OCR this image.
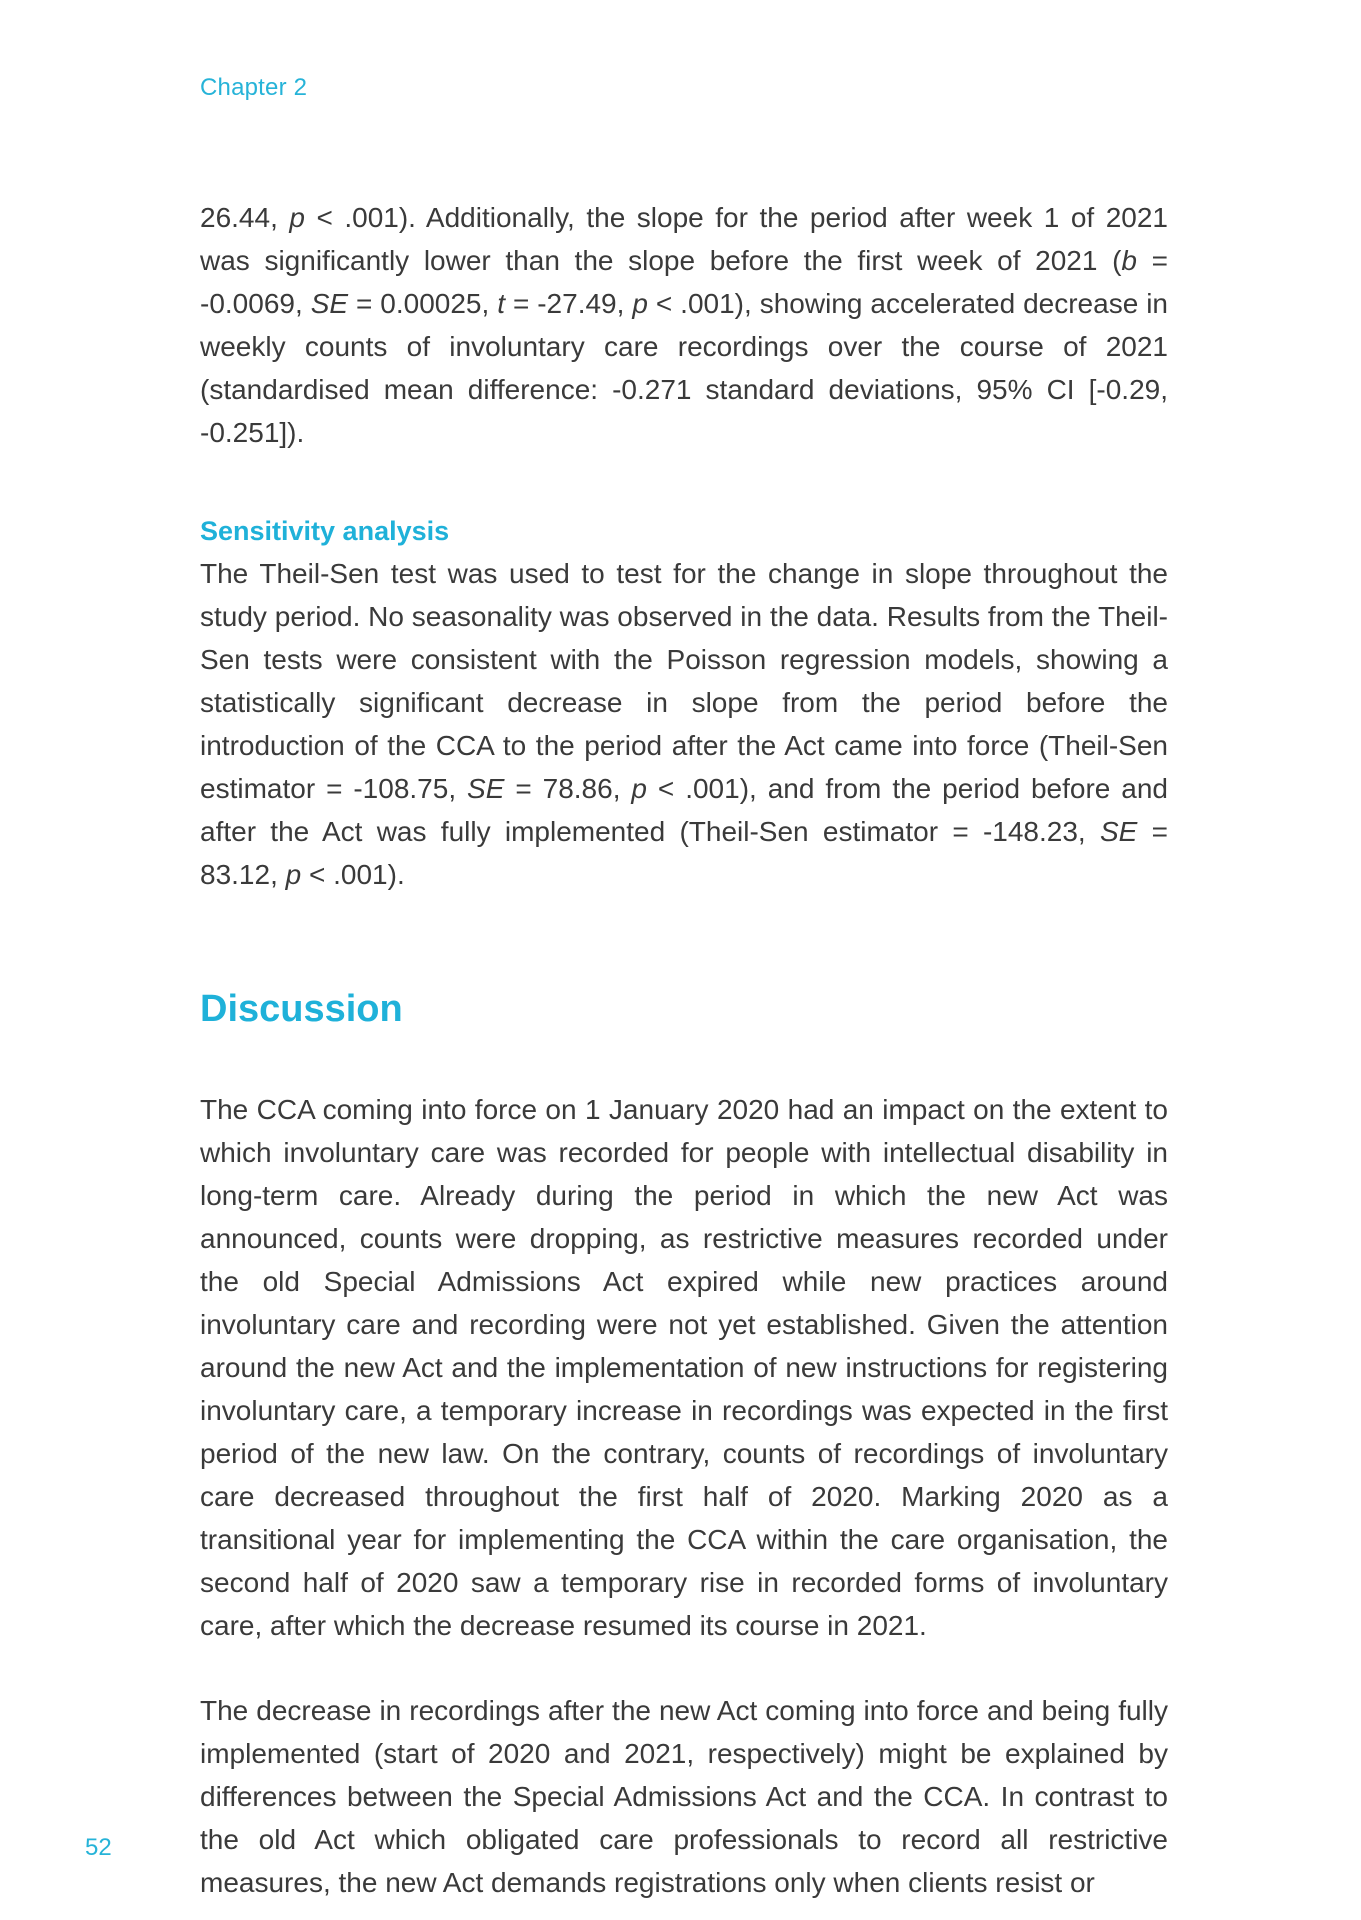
Chapter 2

26.44, p < .001). Additionally, the slope for the period after week 1 of 2021 was significantly lower than the slope before the first week of 2021 (b = -0.0069, SE = 0.00025, t = -27.49, p < .001), showing accelerated decrease in weekly counts of involuntary care recordings over the course of 2021 (standardised mean difference: -0.271 standard deviations, 95% CI [-0.29, -0.251]).

Sensitivity analysis

The Theil-Sen test was used to test for the change in slope throughout the study period. No seasonality was observed in the data. Results from the Theil-Sen tests were consistent with the Poisson regression models, showing a statistically significant decrease in slope from the period before the introduction of the CCA to the period after the Act came into force (Theil-Sen estimator = -108.75, SE = 78.86, p < .001), and from the period before and after the Act was fully implemented (Theil-Sen estimator = -148.23, SE = 83.12, p < .001).

Discussion

The CCA coming into force on 1 January 2020 had an impact on the extent to which involuntary care was recorded for people with intellectual disability in long-term care. Already during the period in which the new Act was announced, counts were dropping, as restrictive measures recorded under the old Special Admissions Act expired while new practices around involuntary care and recording were not yet established. Given the attention around the new Act and the implementation of new instructions for registering involuntary care, a temporary increase in recordings was expected in the first period of the new law. On the contrary, counts of recordings of involuntary care decreased throughout the first half of 2020. Marking 2020 as a transitional year for implementing the CCA within the care organisation, the second half of 2020 saw a temporary rise in recorded forms of involuntary care, after which the decrease resumed its course in 2021.

The decrease in recordings after the new Act coming into force and being fully implemented (start of 2020 and 2021, respectively) might be explained by differences between the Special Admissions Act and the CCA. In contrast to the old Act which obligated care professionals to record all restrictive measures, the new Act demands registrations only when clients resist or

52
